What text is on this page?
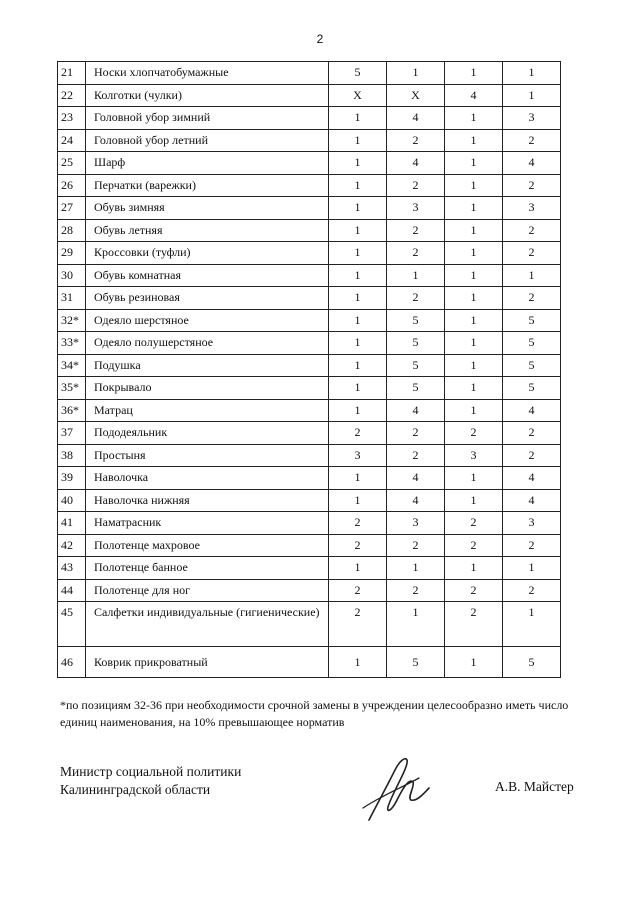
2
21	Носки хлопчатобумажные	5	1	1	1
22	Колготки (чулки)	Х	Х	4	1
23	Головной убор зимний	1	4	1	3
24	Головной убор летний	1	2	1	2
25	Шарф	1	4	1	4
26	Перчатки (варежки)	1	2	1	2
27	Обувь зимняя	1	3	1	3
28	Обувь летняя	1	2	1	2
29	Кроссовки (туфли)	1	2	1	2
30	Обувь комнатная	1	1	1	1
31	Обувь резиновая	1	2	1	2
32*	Одеяло шерстяное	1	5	1	5
33*	Одеяло полушерстяное	1	5	1	5
34*	Подушка	1	5	1	5
35*	Покрывало	1	5	1	5
36*	Матрац	1	4	1	4
37	Пододеяльник	2	2	2	2
38	Простыня	3	2	3	2
39	Наволочка	1	4	1	4
40	Наволочка нижняя	1	4	1	4
41	Наматрасник	2	3	2	3
42	Полотенце махровое	2	2	2	2
43	Полотенце банное	1	1	1	1
44	Полотенце для ног	2	2	2	2
45	Салфетки индивидуальные (гигиенические)	2	1	2	1
46	Коврик прикроватный	1	5	1	5
*по позициям 32-36 при необходимости срочной замены в учреждении целесообразно иметь число единиц наименования, на 10% превышающее норматив
Министр социальной политики
Калининградской области	А.В. Майстер
